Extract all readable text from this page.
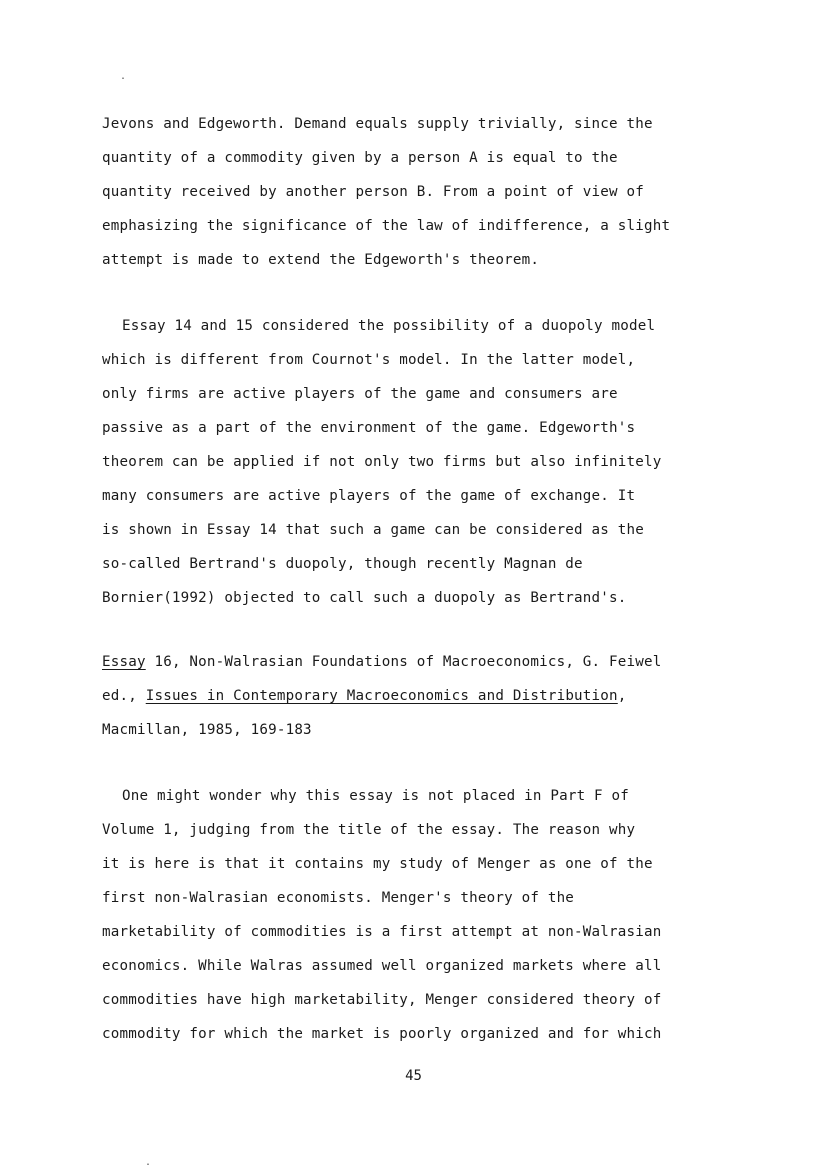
.
.
Jevons and Edgeworth. Demand equals supply trivially, since the
quantity of a commodity given by a person A is equal to the
quantity received by another person B. From a point of view of
emphasizing the significance of the law of indifference, a slight
attempt is made to extend the Edgeworth's theorem.
Essay 14 and 15 considered the possibility of a duopoly model
which is different from Cournot's model. In the latter model,
only firms are active players of the game and consumers are
passive as a part of the environment of the game. Edgeworth's
theorem can be applied if not only two firms but also infinitely
many consumers are active players of the game of exchange. It
is shown in Essay 14 that such a game can be considered as the
so-called Bertrand's duopoly, though recently Magnan de
Bornier(1992) objected to call such a duopoly as Bertrand's.
Essay 16, Non-Walrasian Foundations of Macroeconomics, G. Feiwel
ed., Issues in Contemporary Macroeconomics and Distribution,
Macmillan, 1985, 169-183
One might wonder why this essay is not placed in Part F of
Volume 1, judging from the title of the essay. The reason why
it is here is that it contains my study of Menger as one of the
first non-Walrasian economists. Menger's theory of the
marketability of commodities is a first attempt at non-Walrasian
economics. While Walras assumed well organized markets where all
commodities have high marketability, Menger considered theory of
commodity for which the market is poorly organized and for which
45
